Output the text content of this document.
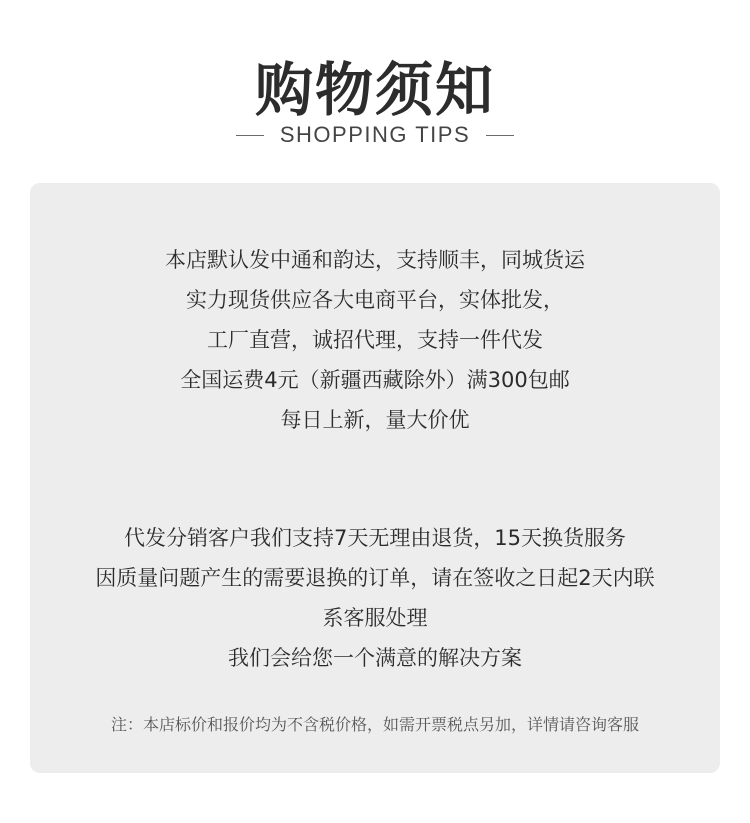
购物须知
SHOPPING TIPS
本店默认发中通和韵达，支持顺丰，同城货运
实力现货供应各大电商平台，实体批发，
工厂直营，诚招代理，支持一件代发
全国运费4元（新疆西藏除外）满300包邮
每日上新，量大价优
代发分销客户我们支持7天无理由退货，15天换货服务
因质量问题产生的需要退换的订单，请在签收之日起2天内联
系客服处理
我们会给您一个满意的解决方案
注：本店标价和报价均为不含税价格，如需开票税点另加，详情请咨询客服
